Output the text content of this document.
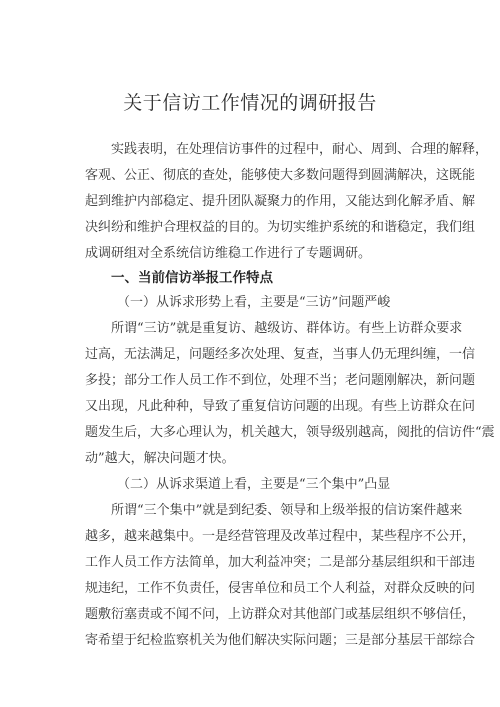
关于信访工作情况的调研报告
实践表明，在处理信访事件的过程中，耐心、周到、合理的解释，
客观、公正、彻底的查处，能够使大多数问题得到圆满解决，这既能
起到维护内部稳定、提升团队凝聚力的作用，又能达到化解矛盾、解
决纠纷和维护合理权益的目的。为切实维护系统的和谐稳定，我们组
成调研组对全系统信访维稳工作进行了专题调研。
一、当前信访举报工作特点
（一）从诉求形势上看，主要是“三访”问题严峻
所谓“三访”就是重复访、越级访、群体访。有些上访群众要求
过高，无法满足，问题经多次处理、复查，当事人仍无理纠缠，一信
多投；部分工作人员工作不到位，处理不当；老问题刚解决，新问题
又出现，凡此种种，导致了重复信访问题的出现。有些上访群众在问
题发生后，大多心理认为，机关越大，领导级别越高，阅批的信访件“震
动”越大，解决问题才快。
（二）从诉求渠道上看，主要是“三个集中”凸显
所谓“三个集中”就是到纪委、领导和上级举报的信访案件越来
越多，越来越集中。一是经营管理及改革过程中，某些程序不公开，
工作人员工作方法简单，加大利益冲突；二是部分基层组织和干部违
规违纪，工作不负责任，侵害单位和员工个人利益，对群众反映的问
题敷衍塞责或不闻不问，上访群众对其他部门或基层组织不够信任，
寄希望于纪检监察机关为他们解决实际问题；三是部分基层干部综合
